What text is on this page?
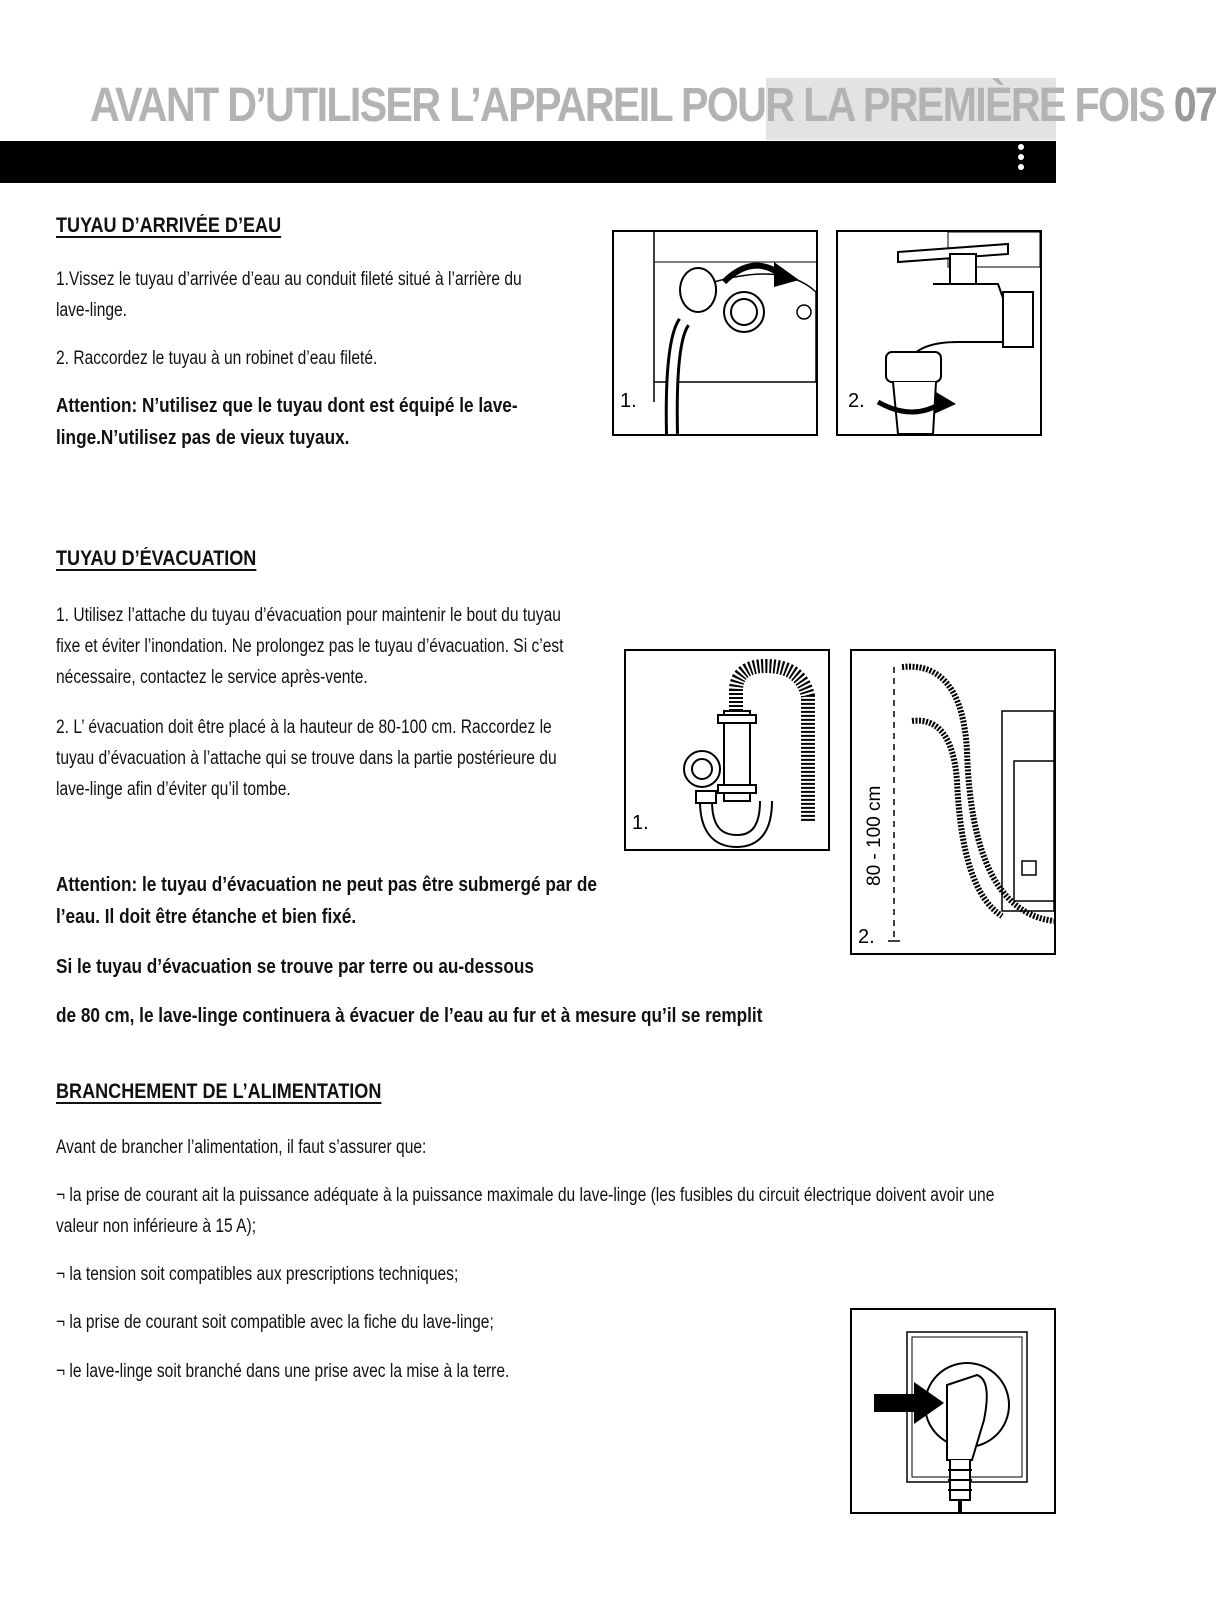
AVANT D’UTILISER L’APPAREIL POUR LA PREMIÈRE FOIS 07
TUYAU D’ARRIVÉE D’EAU
1.Vissez le tuyau d’arrivée d’eau au conduit fileté situé à l’arrière du lave-linge.
2. Raccordez le tuyau à un robinet d’eau fileté.
Attention: N’utilisez que le tuyau dont est équipé le lave-linge.N’utilisez pas de vieux tuyaux.
1.	2.
TUYAU D’ÉVACUATION
1. Utilisez l’attache du tuyau d’évacuation pour maintenir le bout du tuyau fixe et éviter l’inondation. Ne prolongez pas le tuyau d’évacuation. Si c’est nécessaire, contactez le service après-vente.
2. L’ évacuation doit être placé à la hauteur de 80-100 cm. Raccordez le tuyau d’évacuation à l’attache qui se trouve dans la partie postérieure du lave-linge afin d’éviter qu’il tombe.
Attention: le tuyau d’évacuation ne peut pas être submergé par de l’eau. Il doit être étanche et bien fixé.
Si le tuyau d’évacuation se trouve par terre ou au-dessous
de 80 cm, le lave-linge continuera à évacuer de l’eau au fur et à mesure qu’il se remplit
1.	80 - 100 cm
2.
BRANCHEMENT DE L’ALIMENTATION
Avant de brancher l’alimentation, il faut s’assurer que:
¬ la prise de courant ait la puissance adéquate à la puissance maximale du lave-linge (les fusibles du circuit électrique doivent avoir une valeur non inférieure à 15 A);
¬ la tension soit compatibles aux prescriptions techniques;
¬ la prise de courant soit compatible avec la fiche du lave-linge;
¬ le lave-linge soit branché dans une prise avec la mise à la terre.
